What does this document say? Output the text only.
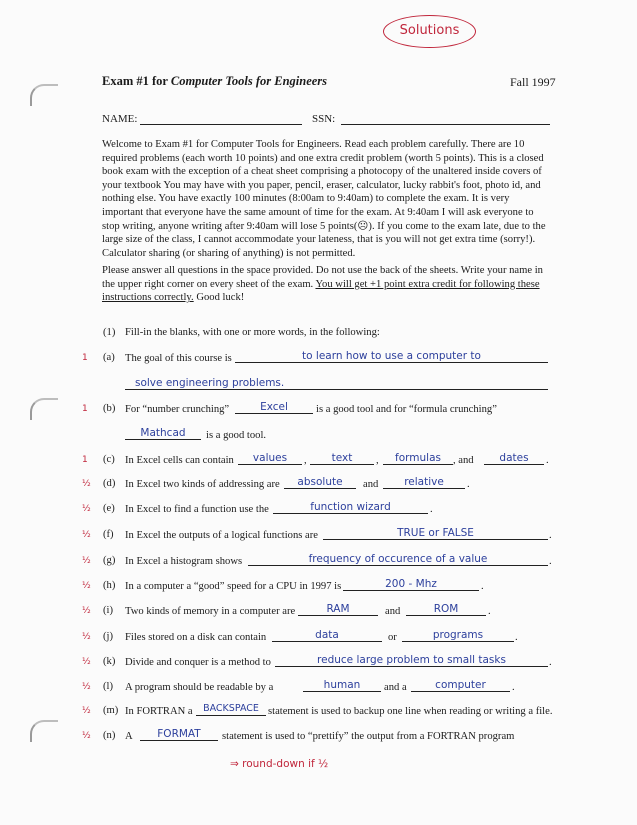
Solutions
Exam #1 for Computer Tools for Engineers	Fall 1997
NAME:	SSN:

Welcome to Exam #1 for Computer Tools for Engineers. Read each problem carefully. There are 10 required problems (each worth 10 points) and one extra credit problem (worth 5 points). This is a closed book exam with the exception of a cheat sheet comprising a photocopy of the unaltered inside covers of your textbook You may have with you paper, pencil, eraser, calculator, lucky rabbit's foot, photo id, and nothing else. You have exactly 100 minutes (8:00am to 9:40am) to complete the exam. It is very important that everyone have the same amount of time for the exam. At 9:40am I will ask everyone to stop writing, anyone writing after 9:40am will lose 5 points(☹). If you come to the exam late, due to the large size of the class, I cannot accommodate your lateness, that is you will not get extra time (sorry!). Calculator sharing (or sharing of anything) is not permitted.

Please answer all questions in the space provided. Do not use the back of the sheets. Write your name in the upper right corner on every sheet of the exam. You will get +1 point extra credit for following these instructions correctly. Good luck!

(1) Fill-in the blanks, with one or more words, in the following:
1 (a) The goal of this course is	to learn how to use a computer to
solve engineering problems.
1 (b) For “number crunching”	Excel	is a good tool and for “formula crunching”
Mathcad	is a good tool.
1 (c) In Excel cells can contain	values	,	text	,	formulas	, and	dates	.
½ (d) In Excel two kinds of addressing are	absolute	and	relative	.
½ (e) In Excel to find a function use the	function wizard	.
½ (f) In Excel the outputs of a logical functions are	TRUE or FALSE	.
½ (g) In Excel a histogram shows	frequency of occurence of a value	.
½ (h) In a computer a “good” speed for a CPU in 1997 is	200 - Mhz	.
½ (i) Two kinds of memory in a computer are	RAM	and	ROM	.
½ (j) Files stored on a disk can contain	data	or	programs	.
½ (k) Divide and conquer is a method to	reduce large problem to small tasks	.
½ (l) A program should be readable by a	human	and a	computer	.
½ (m) In FORTRAN a	BACKSPACE statement is used to backup one line when reading or writing a file.
½ (n) A	FORMAT	statement is used to “prettify” the output from a FORTRAN program
⇒ round-down if ½
